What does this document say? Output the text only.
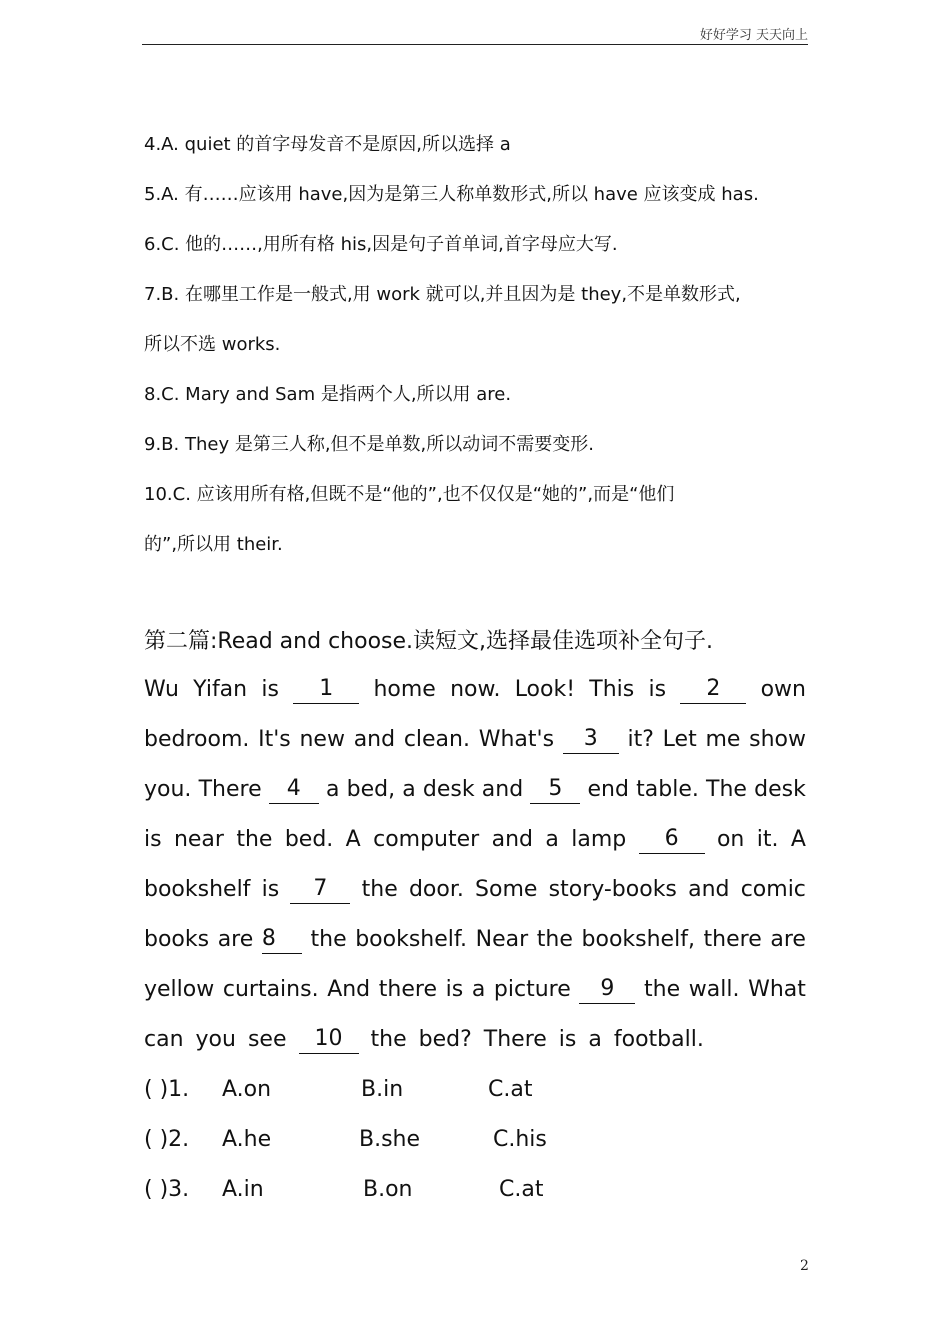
好好学习 天天向上
4.A. quiet 的首字母发音不是原因,所以选择 a
5.A. 有……应该用 have,因为是第三人称单数形式,所以 have 应该变成 has.
6.C. 他的……,用所有格 his,因是句子首单词,首字母应大写.
7.B. 在哪里工作是一般式,用 work 就可以,并且因为是 they,不是单数形式,
所以不选 works.
8.C. Mary and Sam 是指两个人,所以用 are.
9.B. They 是第三人称,但不是单数,所以动词不需要变形.
10.C. 应该用所有格,但既不是“他的”,也不仅仅是“她的”,而是“他们
的”,所以用 their.
第二篇:Read and choose.读短文,选择最佳选项补全句子.
Wu Yifan is	1	home now. Look! This is	2	own
bedroom. It's new and clean. What's	3	it? Let me show
you. There	4	a bed, a desk and	5	end table. The desk
is near the bed. A computer and a lamp	6	on it. A
bookshelf is	7	the door. Some story-books and comic
books are 8	the bookshelf. Near the bookshelf, there are
yellow curtains. And there is a picture	9	the wall. What
can you see	10	the bed? There is a football.
( )1. A.on	B.in	C.at
( )2. A.he	B.she	C.his
( )3. A.in	B.on	C.at
2
